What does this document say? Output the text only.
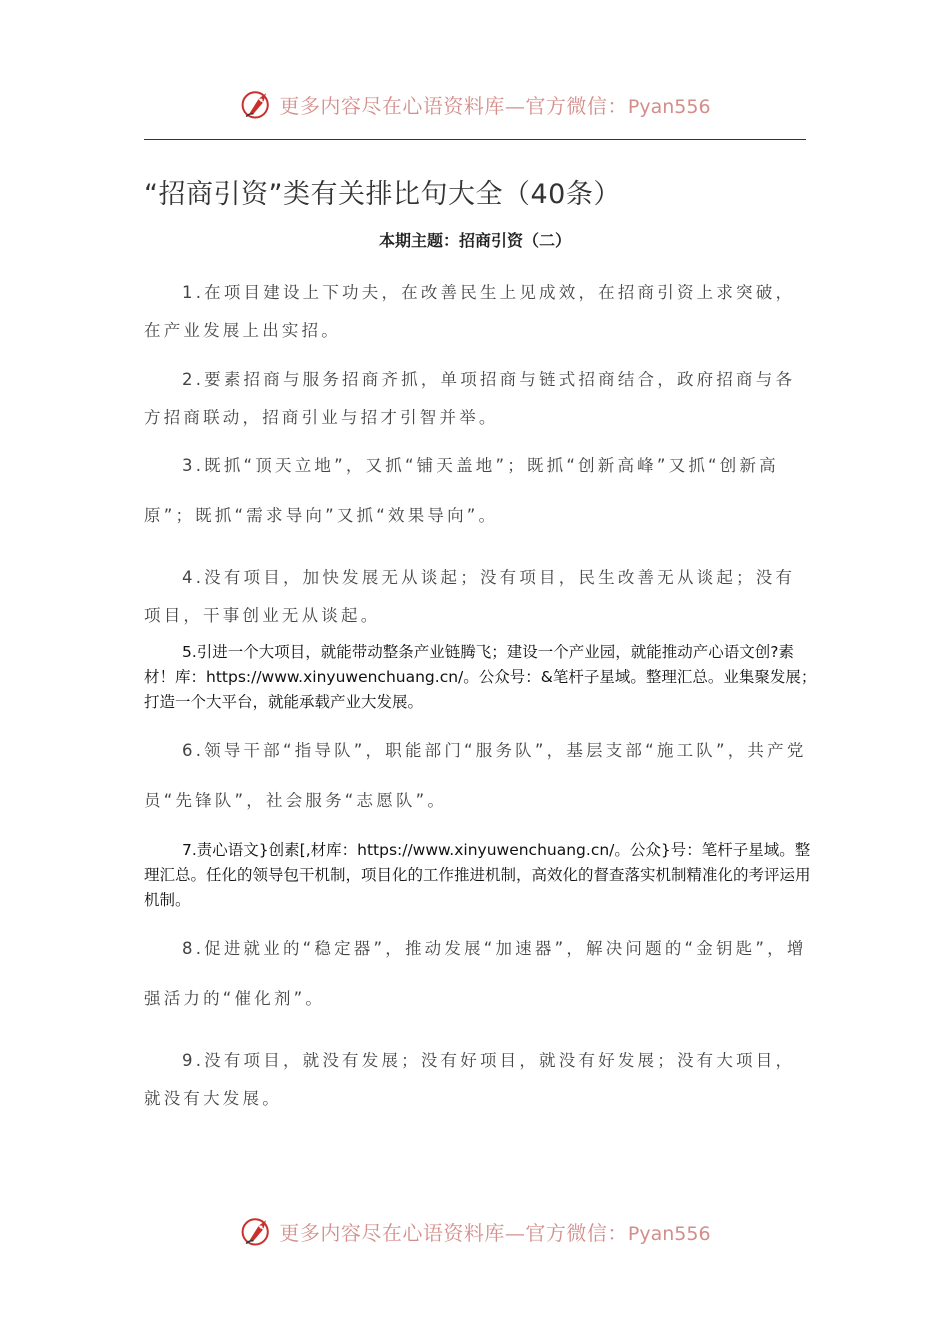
更多内容尽在心语资料库—官方微信：Pyan556
“招商引资”类有关排比句大全（40条）
本期主题：招商引资（二）

1.在项目建设上下功夫，在改善民生上见成效，在招商引资上求突破，在产业发展上出实招。

2.要素招商与服务招商齐抓，单项招商与链式招商结合，政府招商与各方招商联动，招商引业与招才引智并举。

3.既抓“顶天立地”，又抓“铺天盖地”；既抓“创新高峰”又抓“创新高原”；既抓“需求导向”又抓“效果导向”。

4.没有项目，加快发展无从谈起；没有项目，民生改善无从谈起；没有项目，干事创业无从谈起。

5.引进一个大项目，就能带动整条产业链腾飞；建设一个产业园，就能推动产心语文创?素材！库：https://www.xinyuwenchuang.cn/。公众号：&笔杆子星域。整理汇总。业集聚发展；打造一个大平台，就能承载产业大发展。

6.领导干部“指导队”，职能部门“服务队”，基层支部“施工队”，共产党员“先锋队”，社会服务“志愿队”。

7.责心语文}创素[,材库：https://www.xinyuwenchuang.cn/。公众}号：笔杆子星域。整理汇总。任化的领导包干机制，项目化的工作推进机制，高效化的督查落实机制精准化的考评运用机制。

8.促进就业的“稳定器”，推动发展“加速器”，解决问题的“金钥匙”，增强活力的“催化剂”。

9.没有项目，就没有发展；没有好项目，就没有好发展；没有大项目，就没有大发展。

更多内容尽在心语资料库—官方微信：Pyan556
